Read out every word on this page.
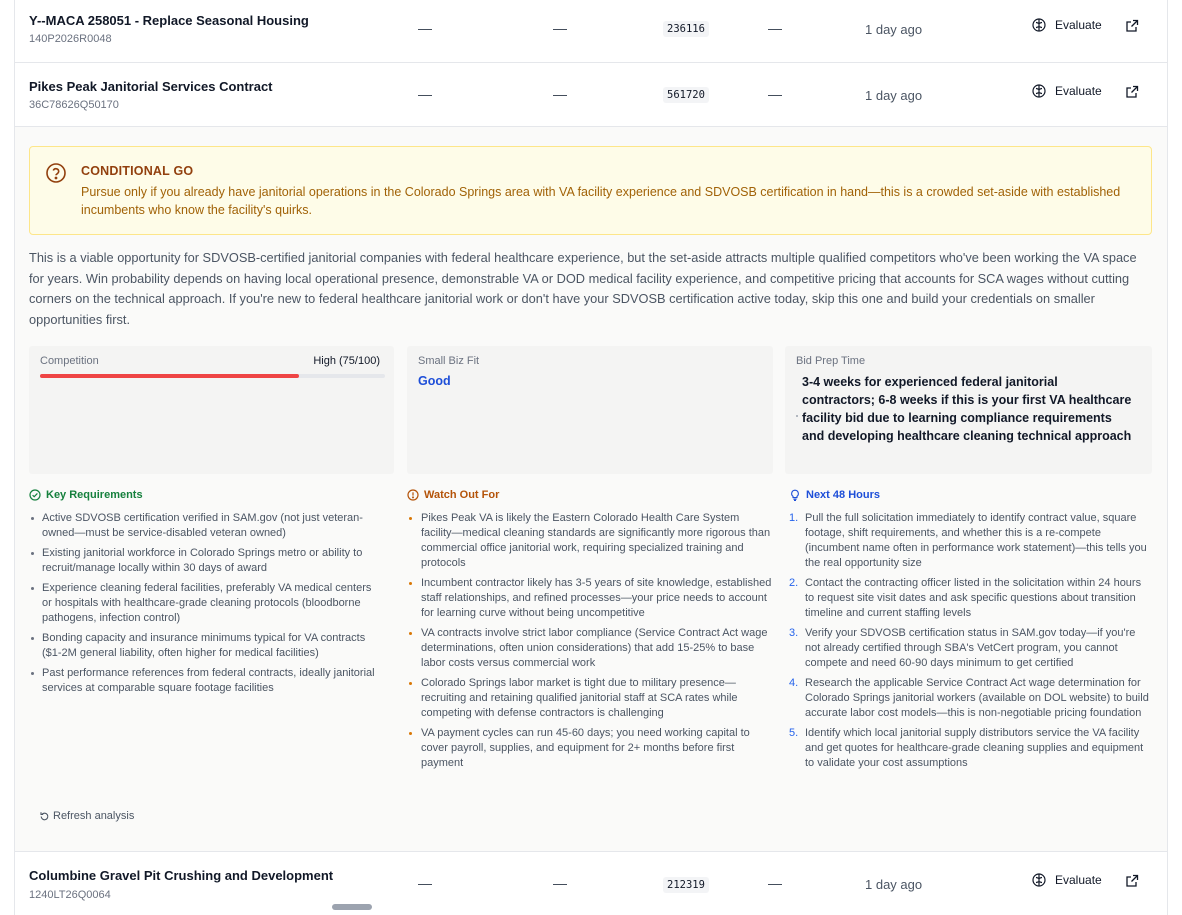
Y--MACA 258051 - Replace Seasonal Housing
140P2026R0048
—	—	236116	—	1 day ago	Evaluate
Pikes Peak Janitorial Services Contract
36C78626Q50170
—	—	561720	—	1 day ago	Evaluate
CONDITIONAL GO
Pursue only if you already have janitorial operations in the Colorado Springs area with VA facility experience and SDVOSB certification in hand—this is a crowded set-aside with established incumbents who know the facility's quirks.

This is a viable opportunity for SDVOSB-certified janitorial companies with federal healthcare experience, but the set-aside attracts multiple qualified competitors who've been working the VA space for years. Win probability depends on having local operational presence, demonstrable VA or DOD medical facility experience, and competitive pricing that accounts for SCA wages without cutting corners on the technical approach. If you're new to federal healthcare janitorial work or don't have your SDVOSB certification active today, skip this one and build your credentials on smaller opportunities first.

Competition	High (75/100)	Small Biz Fit
Good
Bid Prep Time
3-4 weeks for experienced federal janitorial contractors; 6-8 weeks if this is your first VA healthcare facility bid due to learning compliance requirements and developing healthcare cleaning technical approach
Key Requirements
Active SDVOSB certification verified in SAM.gov (not just veteran-owned—must be service-disabled veteran owned)
Existing janitorial workforce in Colorado Springs metro or ability to recruit/manage locally within 30 days of award
Experience cleaning federal facilities, preferably VA medical centers or hospitals with healthcare-grade cleaning protocols (bloodborne pathogens, infection control)
Bonding capacity and insurance minimums typical for VA contracts ($1-2M general liability, often higher for medical facilities)
Past performance references from federal contracts, ideally janitorial services at comparable square footage facilities
Watch Out For
Pikes Peak VA is likely the Eastern Colorado Health Care System facility—medical cleaning standards are significantly more rigorous than commercial office janitorial work, requiring specialized training and protocols
Incumbent contractor likely has 3-5 years of site knowledge, established staff relationships, and refined processes—your price needs to account for learning curve without being uncompetitive
VA contracts involve strict labor compliance (Service Contract Act wage determinations, often union considerations) that add 15-25% to base labor costs versus commercial work
Colorado Springs labor market is tight due to military presence—recruiting and retaining qualified janitorial staff at SCA rates while competing with defense contractors is challenging
VA payment cycles can run 45-60 days; you need working capital to cover payroll, supplies, and equipment for 2+ months before first payment
Next 48 Hours
1. Pull the full solicitation immediately to identify contract value, square footage, shift requirements, and whether this is a re-compete (incumbent name often in performance work statement)—this tells you the real opportunity size
2. Contact the contracting officer listed in the solicitation within 24 hours to request site visit dates and ask specific questions about transition timeline and current staffing levels
3. Verify your SDVOSB certification status in SAM.gov today—if you're not already certified through SBA's VetCert program, you cannot compete and need 60-90 days minimum to get certified
4. Research the applicable Service Contract Act wage determination for Colorado Springs janitorial workers (available on DOL website) to build accurate labor cost models—this is non-negotiable pricing foundation
5. Identify which local janitorial supply distributors service the VA facility and get quotes for healthcare-grade cleaning supplies and equipment to validate your cost assumptions
Refresh analysis
Columbine Gravel Pit Crushing and Development
1240LT26Q0064
—	—	212319	—	1 day ago	Evaluate
